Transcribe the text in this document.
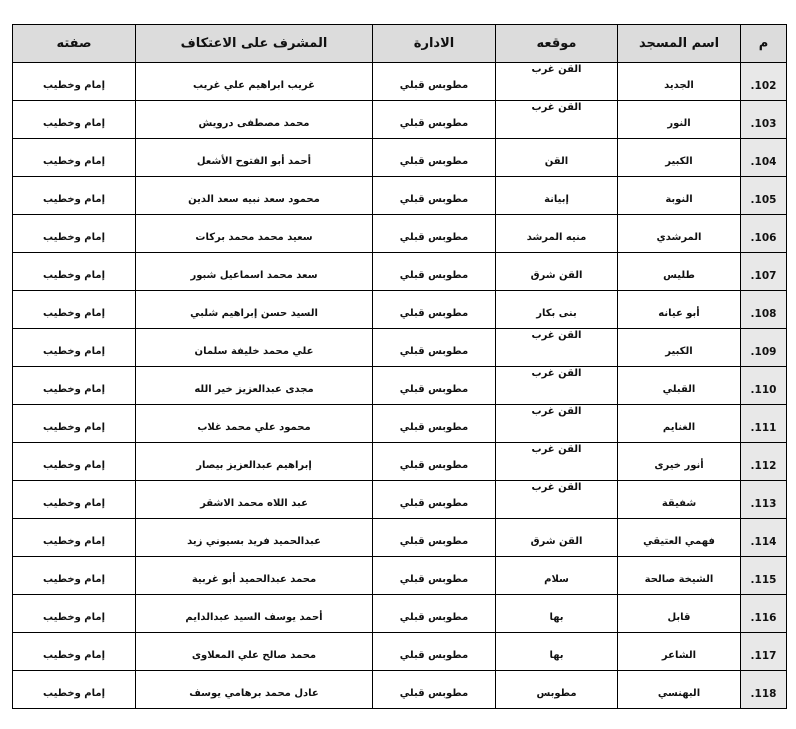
م	اسم المسجد	موقعه	الادارة	المشرف على الاعتكاف	صفته

.102	الجديد	القن غرب	مطوبس قبلي	غريب ابراهيم علي غريب	إمام وخطيب

.103	النور	القن غرب	مطوبس قبلي	محمد مصطفى درويش	إمام وخطيب

.104	الكبير	القن	مطوبس قبلي	أحمد أبو الفتوح الأشعل	إمام وخطيب

.105	النوبة	إبيانة	مطوبس قبلي	محمود سعد نبيه سعد الدين	إمام وخطيب

.106	المرشدي	منيه المرشد	مطوبس قبلي	سعيد محمد محمد بركات	إمام وخطيب

.107	طليس	القن شرق	مطوبس قبلي	سعد محمد اسماعيل شبور	إمام وخطيب

.108	أبو عيانه	بنى بكار	مطوبس قبلي	السيد حسن إبراهيم شلبي	إمام وخطيب

.109	الكبير	القن غرب	مطوبس قبلي	علي محمد خليفة سلمان	إمام وخطيب

.110	القبلي	القن غرب	مطوبس قبلي	مجدى عبدالعزيز خير الله	إمام وخطيب

.111	الغنايم	القن غرب	مطوبس قبلي	محمود علي محمد غلاب	إمام وخطيب

.112	أنور خيرى	القن غرب	مطوبس قبلي	إبراهيم عبدالعزيز بيصار	إمام وخطيب

.113	شفيقة	القن غرب	مطوبس قبلي	عبد اللاه محمد الاشقر	إمام وخطيب

.114	فهمي العتيقي	القن شرق	مطوبس قبلي	عبدالحميد فريد بسيوني زيد	إمام وخطيب

.115	الشيخة صالحة	سلام	مطوبس قبلي	محمد عبدالحميد أبو غربية	إمام وخطيب

.116	قابل	بها	مطوبس قبلي	أحمد يوسف السيد عبدالدايم	إمام وخطيب

.117	الشاعر	بها	مطوبس قبلي	محمد صالح علي المعلاوى	إمام وخطيب

.118	البهنسي	مطوبس	مطوبس قبلي	عادل محمد برهامي يوسف	إمام وخطيب
